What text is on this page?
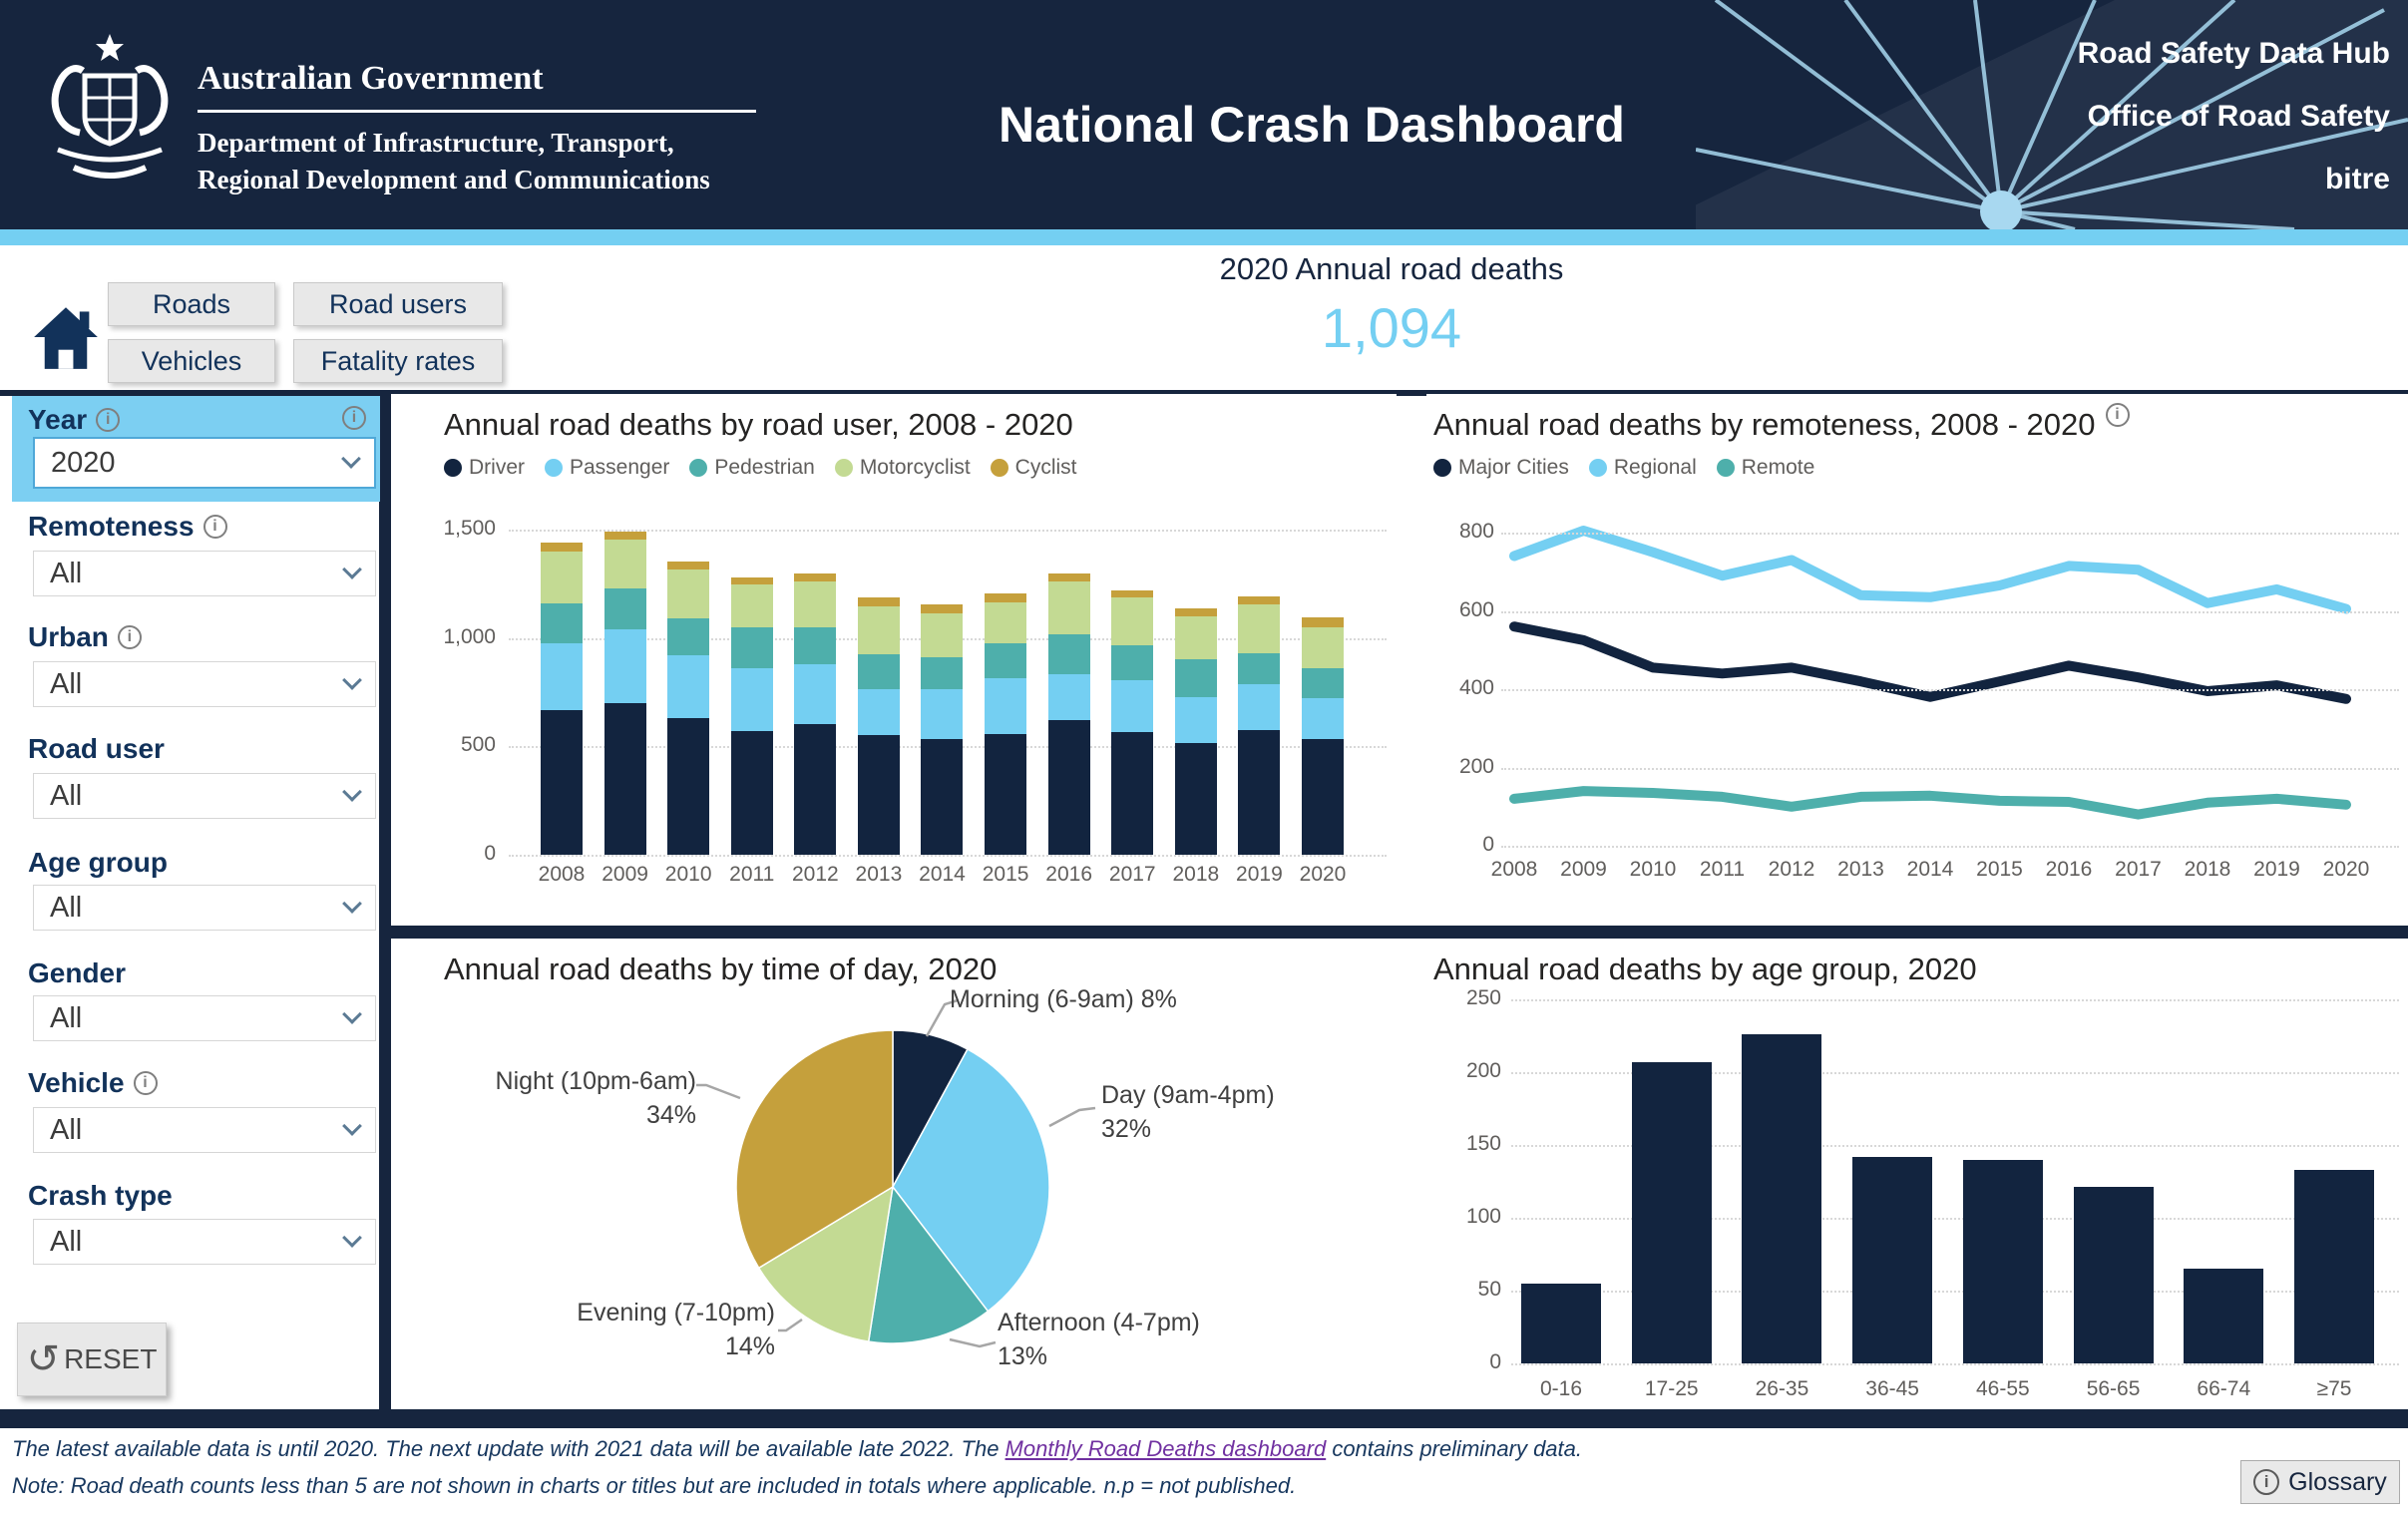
Australian Government
Department of Infrastructure, Transport,
Regional Development and Communications
National Crash Dashboard
Road Safety Data Hub
Office of Road Safety
bitre
Roads	Road users
Vehicles	Fatality rates
2020 Annual road deaths
1,094
Year
i
i
2020
Remoteness
i
All
Urban
i
All
Road user
All
Age group
All
Gender
All
Vehicle
i
All
Crash type
All
↺ RESET
Annual road deaths by road user, 2008 - 2020
Driver Passenger Pedestrian Motorcyclist Cyclist
1,500
1,000
500
0
2008 2009 2010 2011 2012 2013 2014 2015 2016 2017 2018 2019 2020
Annual road deaths by remoteness, 2008 - 2020
i
Major Cities Regional Remote
800
600
400
200
0
2008	2009	2010	2011	2012	2013	2014	2015	2016	2017	2018	2019	2020
Annual road deaths by time of day, 2020
Morning (6-9am) 8%
Day (9am-4pm)
32%
Afternoon (4-7pm)
13%
Evening (7-10pm)
14%
Night (10pm-6am)
34%
Annual road deaths by age group, 2020
250
200
150
100
50
0
0-16	17-25	26-35	36-45	46-55	56-65	66-74	≥75
The latest available data is until 2020. The next update with 2021 data will be available late 2022. The Monthly Road Deaths dashboard contains preliminary data.
Note: Road death counts less than 5 are not shown in charts or titles but are included in totals where applicable. n.p = not published. i	Glossary
